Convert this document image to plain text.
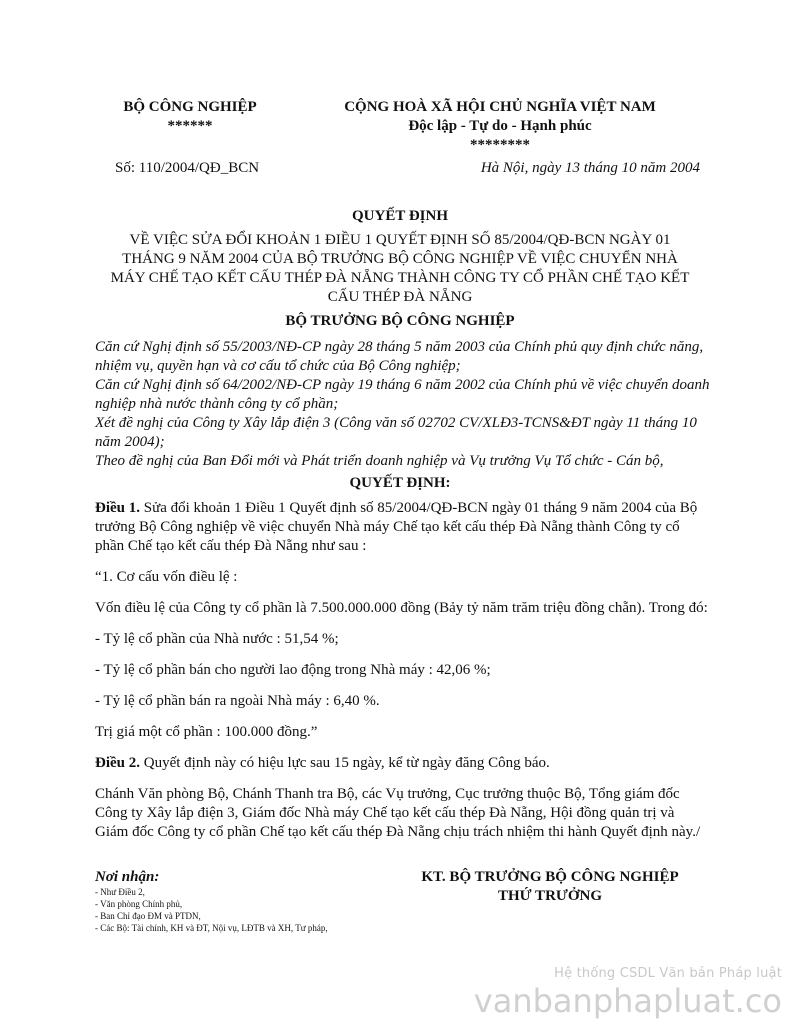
BỘ CÔNG NGHIỆP
******
CỘNG HOÀ XÃ HỘI CHỦ NGHĨA VIỆT NAM
Độc lập - Tự do - Hạnh phúc
********
Số: 110/2004/QĐ_BCN	Hà Nội, ngày 13 tháng 10 năm 2004
QUYẾT ĐỊNH
VỀ VIỆC SỬA ĐỔI KHOẢN 1 ĐIỀU 1 QUYẾT ĐỊNH SỐ 85/2004/QĐ-BCN NGÀY 01 THÁNG 9 NĂM 2004 CỦA BỘ TRƯỞNG BỘ CÔNG NGHIỆP VỀ VIỆC CHUYỂN NHÀ MÁY CHẾ TẠO KẾT CẤU THÉP ĐÀ NẴNG THÀNH CÔNG TY CỔ PHẦN CHẾ TẠO KẾT CẤU THÉP ĐÀ NẴNG
BỘ TRƯỞNG BỘ CÔNG NGHIỆP

Căn cứ Nghị định số 55/2003/NĐ-CP ngày 28 tháng 5 năm 2003 của Chính phủ quy định chức năng, nhiệm vụ, quyền hạn và cơ cấu tổ chức của Bộ Công nghiệp;

Căn cứ Nghị định số 64/2002/NĐ-CP ngày 19 tháng 6 năm 2002 của Chính phủ về việc chuyển doanh nghiệp nhà nước thành công ty cổ phần;

Xét đề nghị của Công ty Xây lắp điện 3 (Công văn số 02702 CV/XLĐ3-TCNS&ĐT ngày 11 tháng 10 năm 2004);

Theo đề nghị của Ban Đổi mới và Phát triển doanh nghiệp và Vụ trưởng Vụ Tổ chức - Cán bộ,

QUYẾT ĐỊNH:

Điều 1. Sửa đổi khoản 1 Điều 1 Quyết định số 85/2004/QĐ-BCN ngày 01 tháng 9 năm 2004 của Bộ trưởng Bộ Công nghiệp về việc chuyển Nhà máy Chế tạo kết cấu thép Đà Nẵng thành Công ty cổ phần Chế tạo kết cấu thép Đà Nẵng như sau :

“1. Cơ cấu vốn điều lệ :

Vốn điều lệ của Công ty cổ phần là 7.500.000.000 đồng (Bảy tỷ năm trăm triệu đồng chẵn). Trong đó:

- Tỷ lệ cổ phần của Nhà nước : 51,54 %;

- Tỷ lệ cổ phần bán cho người lao động trong Nhà máy : 42,06 %;

- Tỷ lệ cổ phần bán ra ngoài Nhà máy : 6,40 %.

Trị giá một cổ phần : 100.000 đồng.”

Điều 2. Quyết định này có hiệu lực sau 15 ngày, kể từ ngày đăng Công báo.

Chánh Văn phòng Bộ, Chánh Thanh tra Bộ, các Vụ trưởng, Cục trưởng thuộc Bộ, Tổng giám đốc Công ty Xây lắp điện 3, Giám đốc Nhà máy Chế tạo kết cấu thép Đà Nẵng, Hội đồng quản trị và Giám đốc Công ty cổ phần Chế tạo kết cấu thép Đà Nẵng chịu trách nhiệm thi hành Quyết định này./

Nơi nhận:
- Như Điều 2,
- Văn phòng Chính phủ,
- Ban Chỉ đạo ĐM và PTDN,
- Các Bộ: Tài chính, KH và ĐT, Nội vụ, LĐTB và XH, Tư pháp,
KT. BỘ TRƯỞNG BỘ CÔNG NGHIỆP
THỨ TRƯỞNG
Hệ thống CSDL Văn bản Pháp luật
vanbanphapluat.co
